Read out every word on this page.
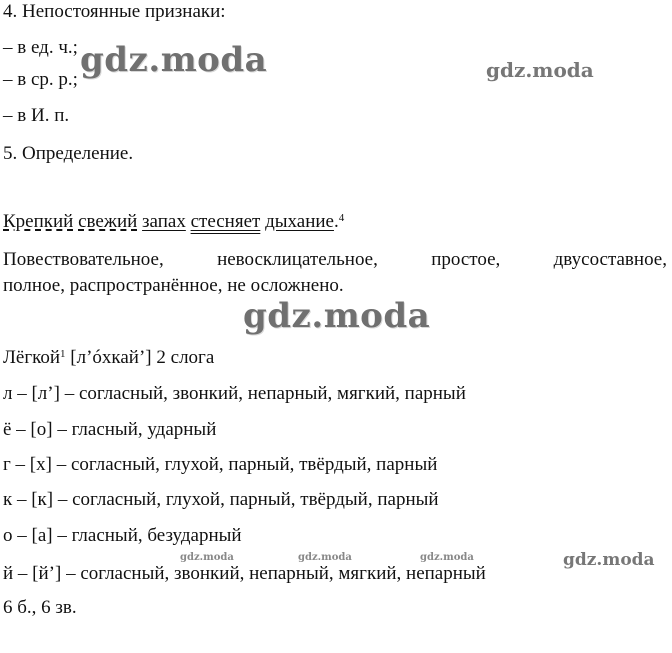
4. Непостоянные признаки:
– в ед. ч.;
– в ср. р.;
– в И. п.
5. Определение.
Крепкий свежий запах стесняет дыхание.$^4$
Повествовательное,	невосклицательное,	простое,	двусоставное,
полное, распространённое, не осложнено.
Лёгкой$^1$ [л’óхкай’] 2 слога
л – [л’] – согласный, звонкий, непарный, мягкий, парный
ё – [о] – гласный, ударный
г – [х] – согласный, глухой, парный, твёрдый, парный
к – [к] – согласный, глухой, парный, твёрдый, парный
о – [а] – гласный, безударный
й – [й’] – согласный, звонкий, непарный, мягкий, непарный
6 б., 6 зв.
gdz.moda	gdz.moda
gdz.moda
gdz.moda	gdz.moda	gdz.moda	gdz.moda
